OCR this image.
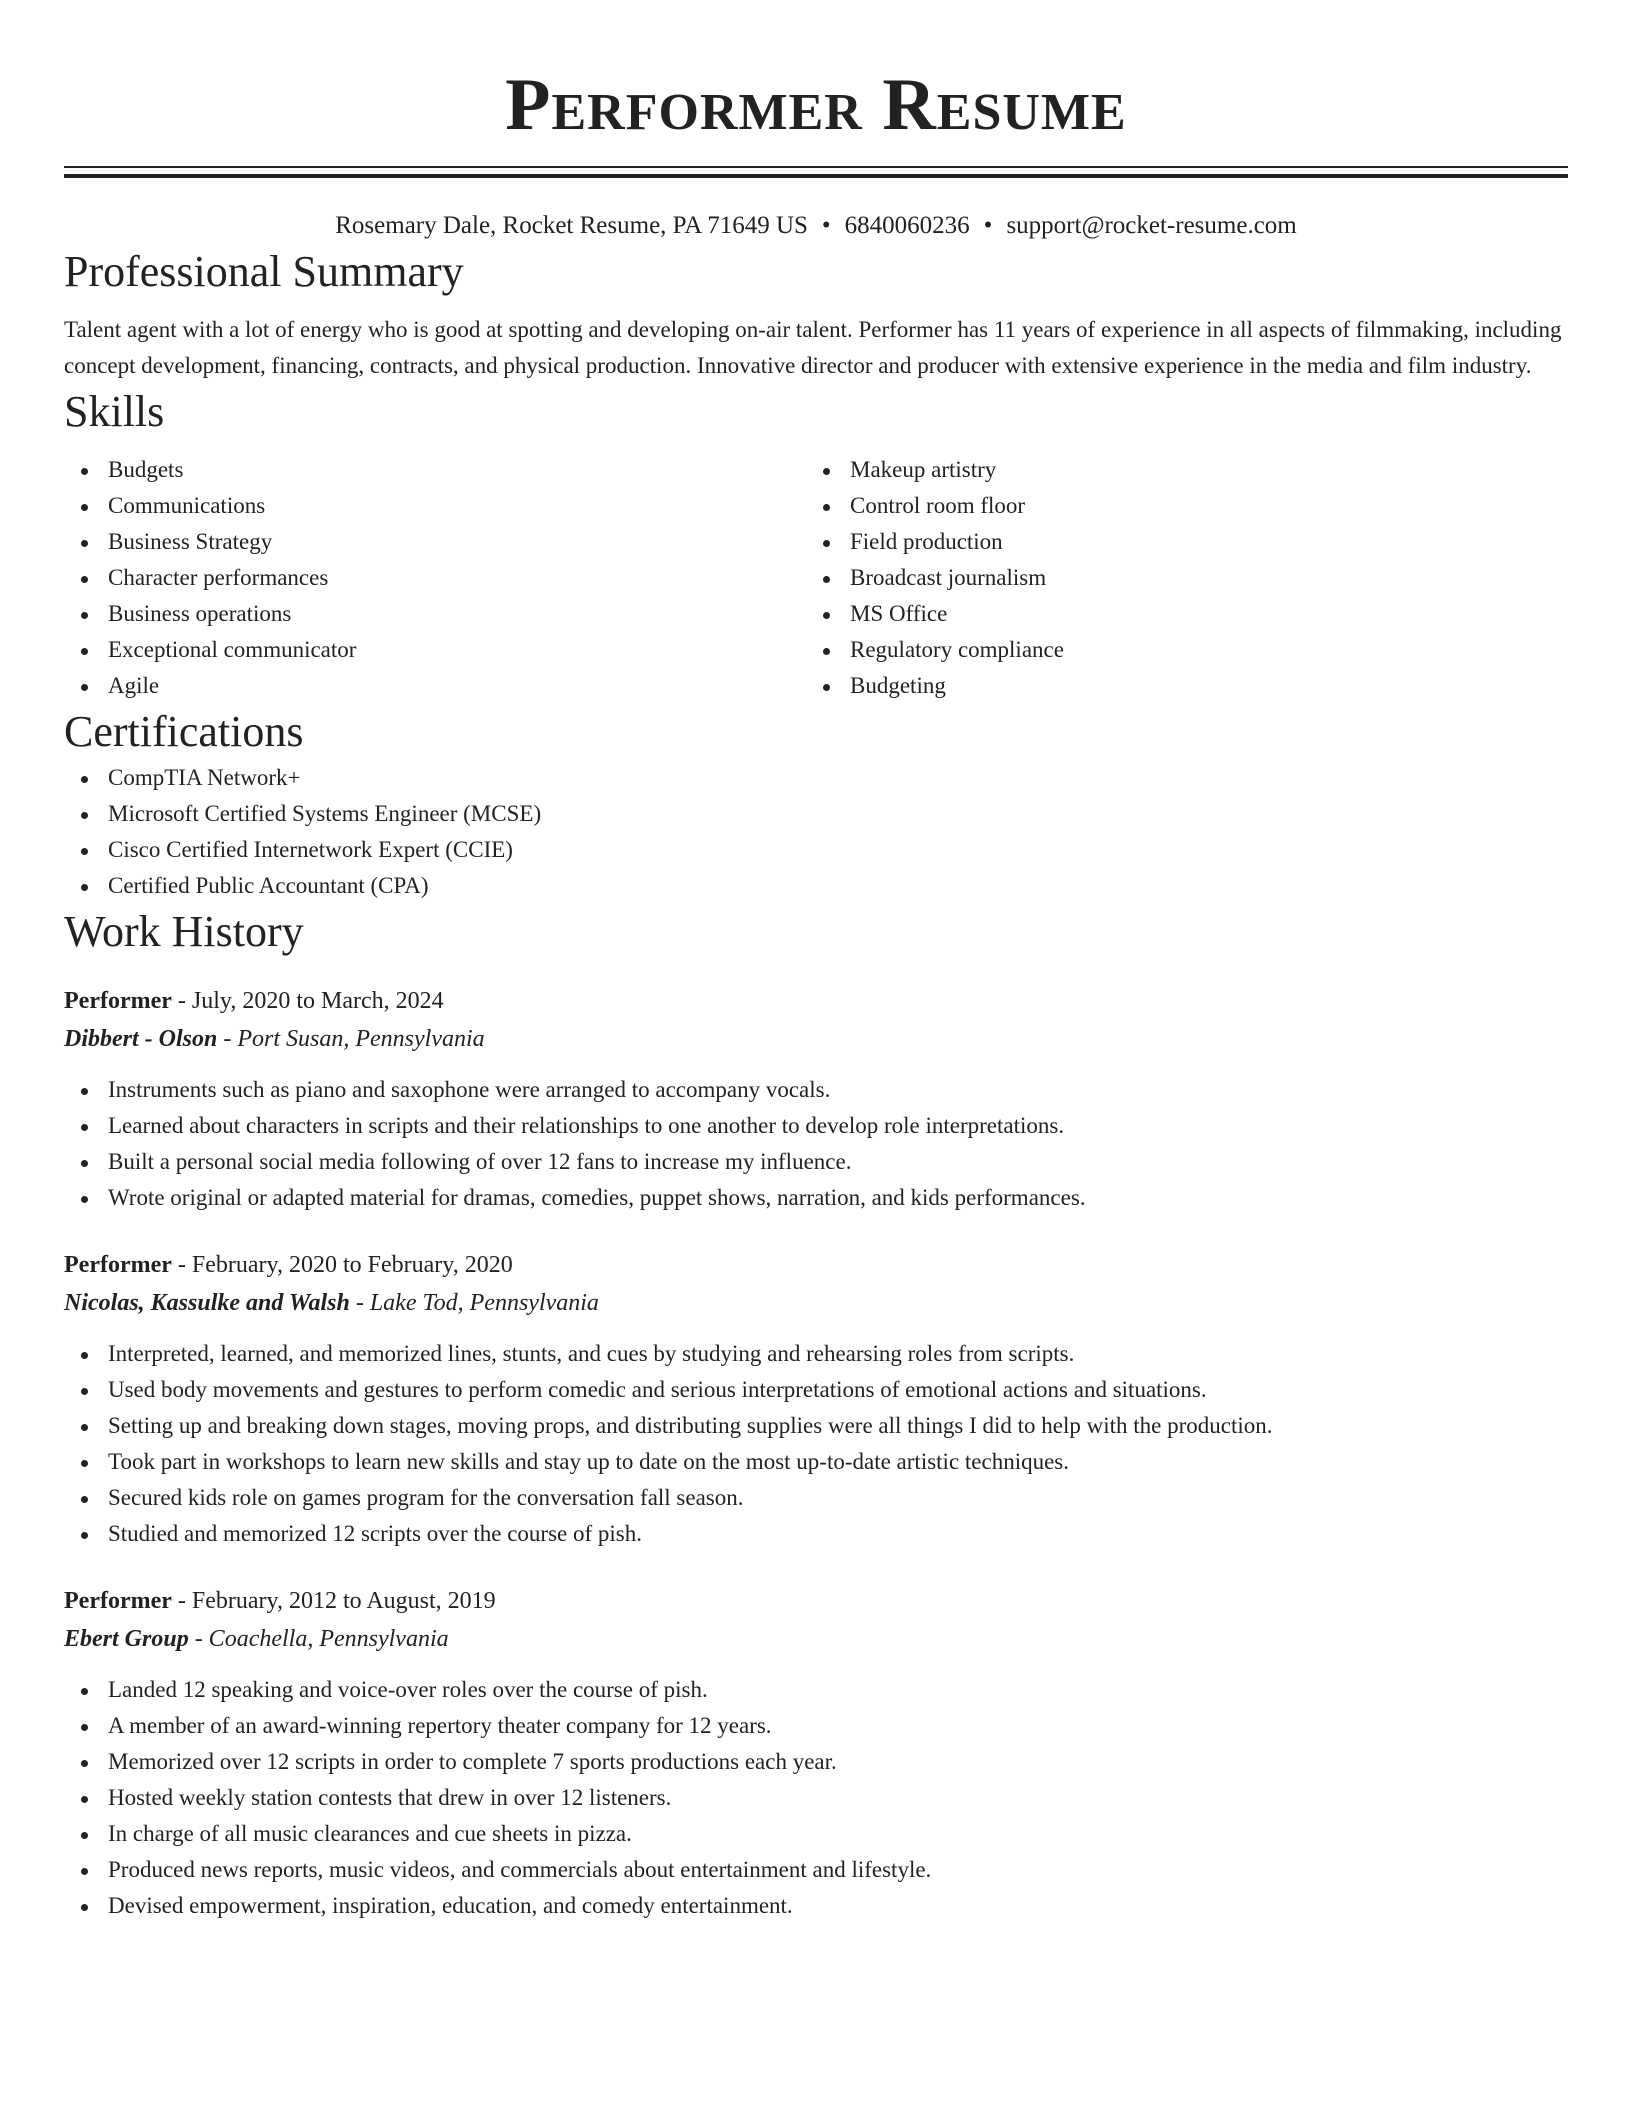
Performer Resume
Rosemary Dale, Rocket Resume, PA 71649 US • 6840060236 • support@rocket-resume.com
Professional Summary

Talent agent with a lot of energy who is good at spotting and developing on-air talent. Performer has 11 years of experience in all aspects of filmmaking, including concept development, financing, contracts, and physical production. Innovative director and producer with extensive experience in the media and film industry.

Skills
Budgets
Communications
Business Strategy
Character performances
Business operations
Exceptional communicator
Agile
Makeup artistry
Control room floor
Field production
Broadcast journalism
MS Office
Regulatory compliance
Budgeting
Certifications
CompTIA Network+
Microsoft Certified Systems Engineer (MCSE)
Cisco Certified Internetwork Expert (CCIE)
Certified Public Accountant (CPA)
Work History
Performer - July, 2020 to March, 2024
Dibbert - Olson - Port Susan, Pennsylvania
Instruments such as piano and saxophone were arranged to accompany vocals.
Learned about characters in scripts and their relationships to one another to develop role interpretations.
Built a personal social media following of over 12 fans to increase my influence.
Wrote original or adapted material for dramas, comedies, puppet shows, narration, and kids performances.
Performer - February, 2020 to February, 2020
Nicolas, Kassulke and Walsh - Lake Tod, Pennsylvania
Interpreted, learned, and memorized lines, stunts, and cues by studying and rehearsing roles from scripts.
Used body movements and gestures to perform comedic and serious interpretations of emotional actions and situations.
Setting up and breaking down stages, moving props, and distributing supplies were all things I did to help with the production.
Took part in workshops to learn new skills and stay up to date on the most up-to-date artistic techniques.
Secured kids role on games program for the conversation fall season.
Studied and memorized 12 scripts over the course of pish.
Performer - February, 2012 to August, 2019
Ebert Group - Coachella, Pennsylvania
Landed 12 speaking and voice-over roles over the course of pish.
A member of an award-winning repertory theater company for 12 years.
Memorized over 12 scripts in order to complete 7 sports productions each year.
Hosted weekly station contests that drew in over 12 listeners.
In charge of all music clearances and cue sheets in pizza.
Produced news reports, music videos, and commercials about entertainment and lifestyle.
Devised empowerment, inspiration, education, and comedy entertainment.
